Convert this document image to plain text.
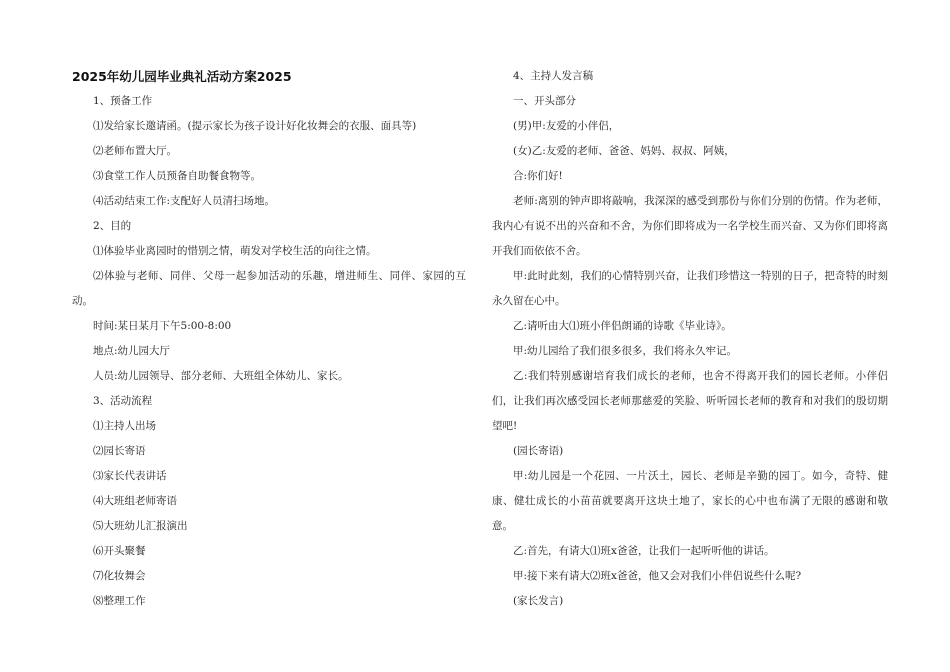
2025年幼儿园毕业典礼活动方案2025

1、预备工作

⑴发给家长邀请函。(提示家长为孩子设计好化妆舞会的衣服、面具等)

⑵老师布置大厅。

⑶食堂工作人员预备自助餐食物等。

⑷活动结束工作:支配好人员清扫场地。

2、目的

⑴体验毕业离园时的惜别之情，萌发对学校生活的向往之情。

⑵体验与老师、同伴、父母一起参加活动的乐趣，增进师生、同伴、家园的互动。

时间:某日某月下午5:00-8:00

地点:幼儿园大厅

人员:幼儿园领导、部分老师、大班组全体幼儿、家长。

3、活动流程

⑴主持人出场

⑵园长寄语

⑶家长代表讲话

⑷大班组老师寄语

⑸大班幼儿汇报演出

⑹开头聚餐

⑺化妆舞会

⑻整理工作

4、主持人发言稿

一、开头部分

(男)甲:友爱的小伴侣，

(女)乙:友爱的老师、爸爸、妈妈、叔叔、阿姨，

合:你们好!

老师:离别的钟声即将敲响，我深深的感受到那份与你们分别的伤情。作为老师，我内心有说不出的兴奋和不舍，为你们即将成为一名学校生而兴奋、又为你们即将离开我们而依依不舍。

甲:此时此刻，我们的心情特别兴奋，让我们珍惜这一特别的日子，把奇特的时刻永久留在心中。

乙:请听由大⑴班小伴侣朗诵的诗歌《毕业诗》。

甲:幼儿园给了我们很多很多，我们将永久牢记。

乙:我们特别感谢培育我们成长的老师，也舍不得离开我们的园长老师。小伴侣们，让我们再次感受园长老师那慈爱的笑脸、听听园长老师的教育和对我们的殷切期望吧!

(园长寄语)

甲:幼儿园是一个花园、一片沃土，园长、老师是辛勤的园丁。如今，奇特、健康、健壮成长的小苗苗就要离开这块土地了，家长的心中也布满了无限的感谢和敬意。

乙:首先，有请大⑴班x爸爸，让我们一起听听他的讲话。

甲:接下来有请大⑵班x爸爸，他又会对我们小伴侣说些什么呢?

(家长发言)
